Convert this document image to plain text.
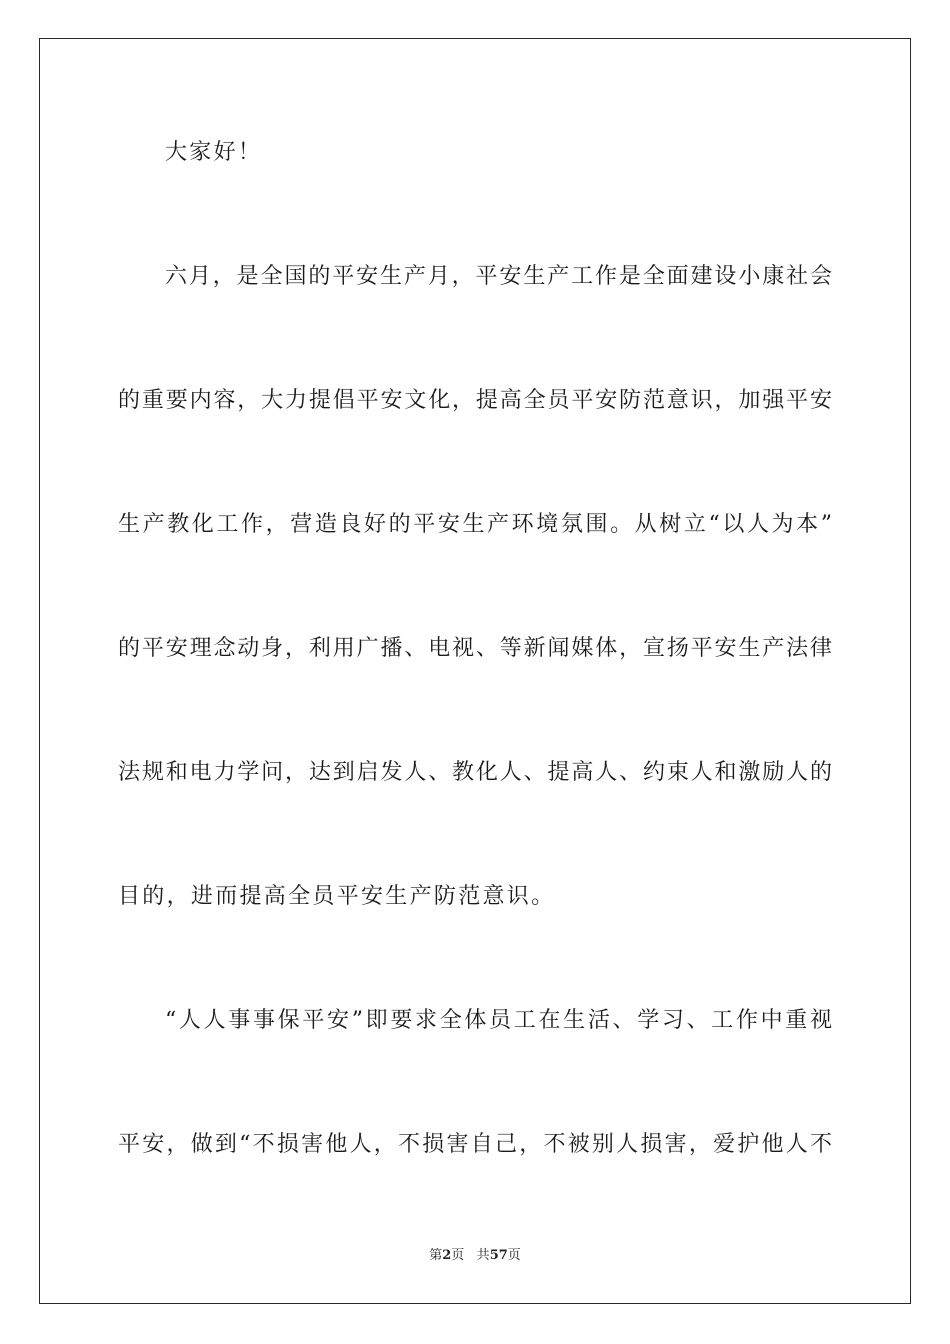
大家好！
六月，是全国的平安生产月，平安生产工作是全面建设小康社会
的重要内容，大力提倡平安文化，提高全员平安防范意识，加强平安
生产教化工作，营造良好的平安生产环境氛围。从树立“以人为本”
的平安理念动身，利用广播、电视、等新闻媒体，宣扬平安生产法律
法规和电力学问，达到启发人、教化人、提高人、约束人和激励人的
目的，进而提高全员平安生产防范意识。
“人人事事保平安”即要求全体员工在生活、学习、工作中重视
平安，做到“不损害他人，不损害自己，不被别人损害，爱护他人不
第2页 共57页
